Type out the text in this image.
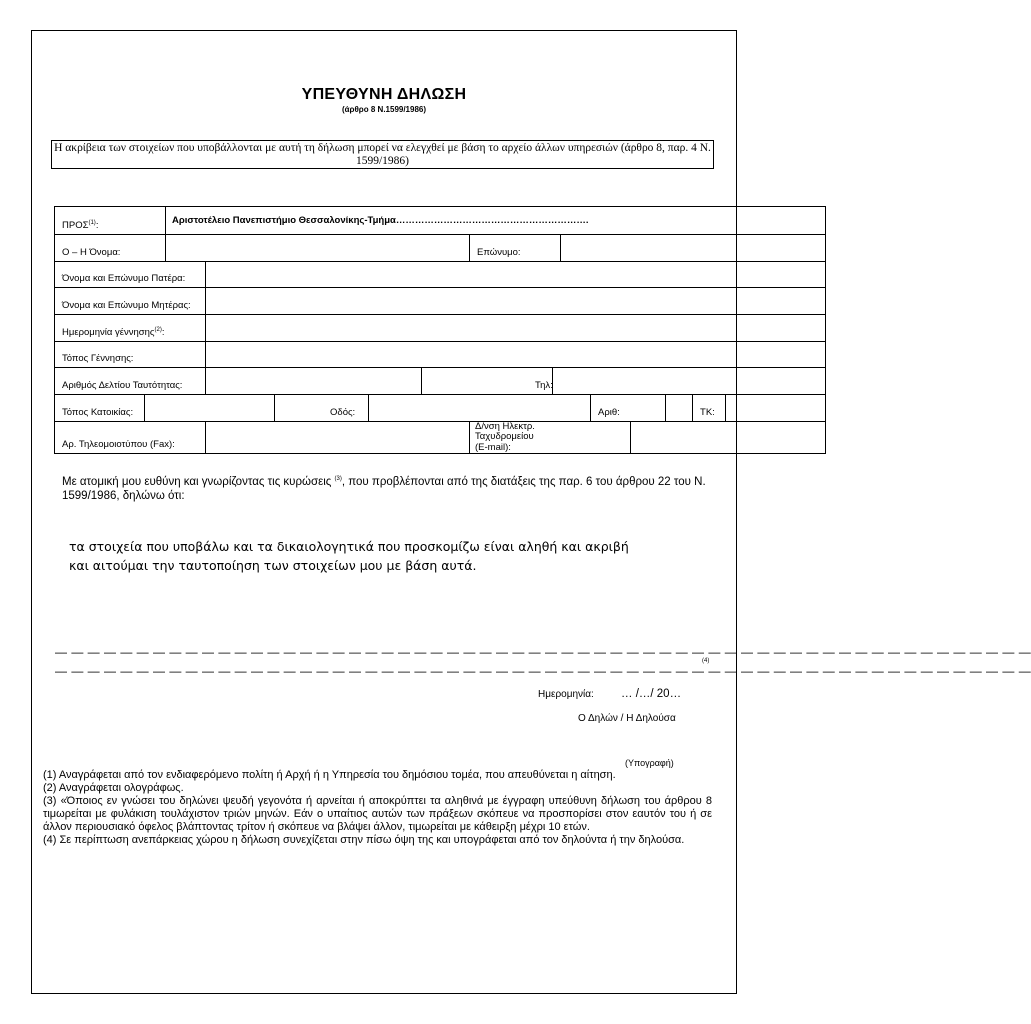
ΥΠΕΥΘΥΝΗ ΔΗΛΩΣΗ
(άρθρο 8 Ν.1599/1986)
Η ακρίβεια των στοιχείων που υποβάλλονται με αυτή τη δήλωση μπορεί να ελεγχθεί με βάση το αρχείο άλλων υπηρεσιών (άρθρο 8, παρ. 4 Ν. 1599/1986)
ΠΡΟΣ$^{(1)}$:		Αριστοτέλειο Πανεπιστήμιο Θεσσαλονίκης-Τμήμα…………………………………………………….												
Ο – Η Όνομα:							Επώνυμο:							
Όνομα και Επώνυμο Πατέρα:														
Όνομα και Επώνυμο Μητέρας:														
Ημερομηνία γέννησης$^{(2)}$:														
Τόπος Γέννησης:														
Αριθμός Δελτίου Ταυτότητας:						Τηλ:								
Τόπος Κατοικίας:				Οδός:						Αριθ:			ΤΚ:	
Αρ. Τηλεομοιοτύπου (Fax):							Δ/νση Ηλεκτρ.
Ταχυδρομείου
(E-mail):							

Με ατομική μου ευθύνη και γνωρίζοντας τις κυρώσεις $^{(3)}$, που προβλέπονται από της διατάξεις της παρ. 6 του άρθρου 22 του Ν. 1599/1986, δηλώνω ότι:
τα στοιχεία που υποβάλω και τα δικαιολογητικά που προσκομίζω είναι αληθή και ακριβή
και αιτούμαι την ταυτοποίηση των στοιχείων μου με βάση αυτά.
— — — — — — — — — — — — — — — — — — — — — — — — — — — — — — — — — — — — — — — — — — — — — — — — — — — — — — — — — — — —
(4)
— — — — — — — — — — — — — — — — — — — — — — — — — — — — — — — — — — — — — — — — — — — — — — — — — — — — — — — — — — — —
Ημερομηνία: … /…/ 20…
Ο Δηλών / Η Δηλούσα
(Υπογραφή)
(1) Αναγράφεται από τον ενδιαφερόμενο πολίτη ή Αρχή ή η Υπηρεσία του δημόσιου τομέα, που απευθύνεται η αίτηση.
(2) Αναγράφεται ολογράφως.
(3) «Όποιος εν γνώσει του δηλώνει ψευδή γεγονότα ή αρνείται ή αποκρύπτει τα αληθινά με έγγραφη υπεύθυνη δήλωση του άρθρου 8 τιμωρείται με φυλάκιση τουλάχιστον τριών μηνών. Εάν ο υπαίτιος αυτών των πράξεων σκόπευε να προσπορίσει στον εαυτόν του ή σε άλλον περιουσιακό όφελος βλάπτοντας τρίτον ή σκόπευε να βλάψει άλλον, τιμωρείται με κάθειρξη μέχρι 10 ετών.
(4) Σε περίπτωση ανεπάρκειας χώρου η δήλωση συνεχίζεται στην πίσω όψη της και υπογράφεται από τον δηλούντα ή την δηλούσα.
